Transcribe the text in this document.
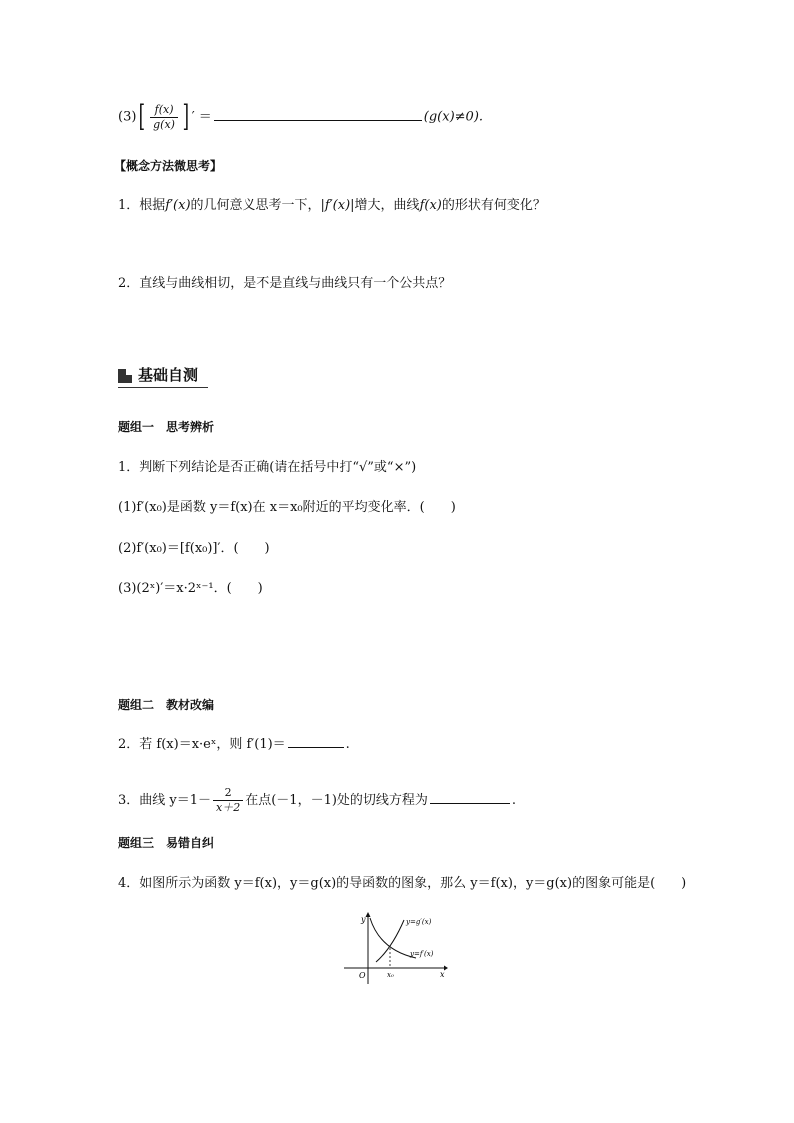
$(3)[ \frac{f(x)}{g(x)}$ ] ′ ＝	(g(x)≠0).
【概念方法微思考】
1．根据f′(x)的几何意义思考一下，|f′(x)|增大，曲线f(x)的形状有何变化？
2．直线与曲线相切，是不是直线与曲线只有一个公共点？
基础自测
题组一　思考辨析
1．判断下列结论是否正确(请在括号中打“√”或“×”)
(1)f′(x₀)是函数 y＝f(x)在 x＝x₀附近的平均变化率．(　　)
(2)f′(x₀)＝[f(x₀)]′．(　　)
(3)(2ˣ)′＝x·2ˣ⁻¹．(　　)
题组二　教材改编
2．若 f(x)＝x·eˣ，则 f′(1)＝	.
3．曲线 $y=1- \frac{2}{x+2}$ 在点(－1，－1)处的切线方程为	.
题组三　易错自纠
4．如图所示为函数 y＝f(x)，y＝g(x)的导函数的图象，那么 y＝f(x)，y＝g(x)的图象可能是(　　)
y
x
O	x₀
y=g′(x)
y=f′(x)
